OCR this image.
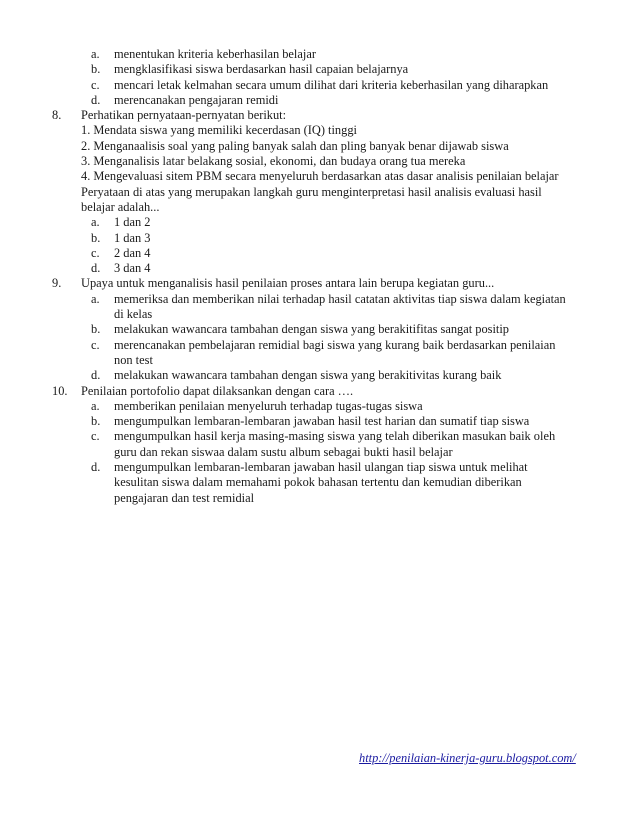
a.	menentukan kriteria keberhasilan belajar
b.	mengklasifikasi siswa berdasarkan hasil capaian belajarnya
c.	mencari letak kelmahan secara umum dilihat dari kriteria keberhasilan yang diharapkan
d.	merencanakan pengajaran remidi
8.	Perhatikan pernyataan-pernyatan berikut:
1. Mendata siswa yang memiliki kecerdasan (IQ) tinggi
2. Menganaalisis soal yang paling banyak salah dan pling banyak benar dijawab siswa
3. Menganalisis latar belakang sosial, ekonomi, dan budaya orang tua mereka
4. Mengevaluasi sitem PBM secara menyeluruh berdasarkan atas dasar analisis penilaian belajar
Peryataan di atas yang merupakan langkah guru menginterpretasi hasil analisis evaluasi hasil
belajar adalah...
a.	1 dan 2
b.	1 dan 3
c.	2 dan 4
d.	3 dan 4
9.	Upaya untuk menganalisis hasil penilaian proses antara lain berupa kegiatan guru...
a.	memeriksa dan memberikan nilai terhadap hasil catatan aktivitas tiap siswa dalam kegiatan
di kelas
b.	melakukan wawancara tambahan dengan siswa yang berakitifitas sangat positip
c.	merencanakan pembelajaran remidial bagi siswa yang kurang baik berdasarkan penilaian
non test
d.	melakukan wawancara tambahan dengan siswa yang berakitivitas kurang baik
10.	Penilaian portofolio dapat dilaksankan dengan cara ….
a.	memberikan penilaian menyeluruh terhadap tugas-tugas siswa
b.	mengumpulkan lembaran-lembaran jawaban hasil test harian dan sumatif tiap siswa
c.	mengumpulkan hasil kerja masing-masing siswa yang telah diberikan masukan baik oleh
guru dan rekan siswaa dalam sustu album sebagai bukti hasil belajar
d.	mengumpulkan lembaran-lembaran jawaban hasil ulangan tiap siswa untuk melihat
kesulitan siswa dalam memahami pokok bahasan tertentu dan kemudian diberikan
pengajaran dan test remidial
http://penilaian-kinerja-guru.blogspot.com/
